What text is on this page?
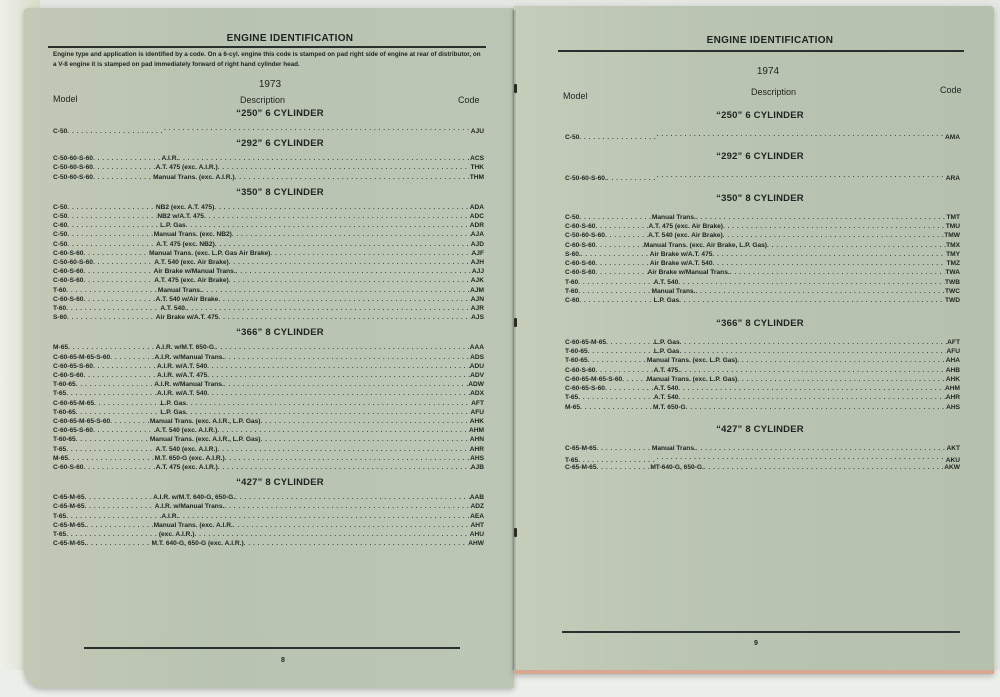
ENGINE IDENTIFICATION
Engine type and application is identified by a code. On a 6-cyl. engine this code is stamped on pad right side of engine at rear of distributor, on a V-8 engine it is stamped on pad immediately forward of right hand cylinder head.
1973
Model	Description	Code
“250” 6 CYLINDER
C-50 . . . . . .	AJU
“292” 6 CYLINDER
C-50-60-S-60 . . .	A.I.R. . . .	ACS
C-50-60-S-60 . . .	A.T. 475 (exc. A.I.R.) . . .	THK
C-50-60-S-60 . . .	Manual Trans. (exc. A.I.R.) . . .	THM
“350” 8 CYLINDER
C-50 . . .	NB2 (exc. A.T. 475) . . .	ADA
C-50 . . .	NB2 w/A.T. 475 . . .	ADC
C-60 . . .	L.P. Gas . . .	ADR
C-50 . . .	Manual Trans. (exc. NB2) . . .	AJA
C-50 . . .	A.T. 475 (exc. NB2) . . .	AJD
C-60-S-60 . . .	Manual Trans. (exc. L.P. Gas Air Brake) . . .	AJF
C-50-60-S-60 . . .	A.T. 540 (exc. Air Brake) . . .	AJH
C-60-S-60 . . .	Air Brake w/Manual Trans. . . .	AJJ
C-60-S-60 . . .	A.T. 475 (exc. Air Brake) . . .	AJK
T-60 . . .	Manual Trans. . . .	AJM
C-60-S-60 . . .	A.T. 540 w/Air Brake . . .	AJN
T-60 . . .	A.T. 540. . . .	AJR
S-60 . . .	Air Brake w/A.T. 475 . . .	AJS
“366” 8 CYLINDER
M-65 . . .	A.I.R. w/M.T. 650-G. . . .	AAA
C-60-65-M-65-S-60 . . .	A.I.R. w/Manual Trans. . . .	ADS
C-60-65-S-60 . . .	A.I.R. w/A.T. 540 . . .	ADU
C-60-S-60 . . .	A.I.R. w/A.T. 475 . . .	ADV
T-60-65 . . .	A.I.R. w/Manual Trans. . . .	ADW
T-65 . . .	A.I.R. w/A.T. 540 . . .	ADX
C-60-65-M-65 . . .	L.P. Gas . . .	AFT
T-60-65 . . .	L.P. Gas . . .	AFU
C-60-65-M-65-S-60 . . .	Manual Trans. (exc. A.I.R., L.P. Gas) . . .	AHK
C-60-65-S-60 . . .	A.T. 540 (exc. A.I.R.) . . .	AHM
T-60-65 . . .	Manual Trans. (exc. A.I.R., L.P. Gas) . . .	AHN
T-65 . . .	A.T. 540 (exc. A.I.R.) . . .	AHR
M-65 . . .	M.T. 650-G (exc. A.I.R.) . . .	AHS
C-60-S-60 . . .	A.T. 475 (exc. A.I.R.) . . .	AJB
“427” 8 CYLINDER
C-65-M-65 . . .	A.I.R. w/M.T. 640-G, 650-G. . . .	AAB
C-65-M-65 . . .	A.I.R. w/Manual Trans. . . .	ADZ
T-65 . . .	A.I.R. . . .	AEA
C-65-M-65. . . .	Manual Trans. (exc. A.I.R. . . .	AHT
T-65 . . .	(exc. A.I.R.) . . .	AHU
C-65-M-65. . . .	M.T. 640-G, 650-G (exc. A.I.R.) . . .	AHW
8
ENGINE IDENTIFICATION
1974
Model	Description	Code
“250” 6 CYLINDER
C-50 . . . . . .	AMA
“292” 6 CYLINDER
C-50-60-S-60. . . . . . .	ARA
“350” 8 CYLINDER
C-50 . . .	Manual Trans. . . .	TMT
C-60-S-60 . . .	A.T. 475 (exc. Air Brake) . . .	TMU
C-50-60-S-60 . . .	A.T. 540 (exc. Air Brake) . . .	TMW
C-60-S-60 . . .	Manual Trans. (exc. Air Brake, L.P. Gas) . . .	TMX
S-60. . . .	Air Brake w/A.T. 475 . . .	TMY
C-60-S-60 . . .	Air Brake w/A.T. 540 . . .	TMZ
C-60-S-60 . . .	Air Brake w/Manual Trans. . . .	TWA
T-60 . . .	A.T. 540 . . .	TWB
T-60 . . .	Manual Trans. . . .	TWC
C-60 . . .	L.P. Gas . . .	TWD
“366” 8 CYLINDER
C-60-65-M-65 . . .	L.P. Gas . . .	AFT
T-60-65 . . .	L.P. Gas . . .	AFU
T-60-65 . . .	Manual Trans. (exc. L.P. Gas) . . .	AHA
C-60-S-60 . . .	A.T. 475. . . .	AHB
C-60-65-M-65-S-60 . . .	Manual Trans. (exc. L.P. Gas) . . .	AHK
C-60-65-S-60 . . .	A.T. 540 . . .	AHM
T-65 . . .	A.T. 540 . . .	AHR
M-65 . . .	M.T. 650-G . . .	AHS
“427” 8 CYLINDER
C-65-M-65 . . .	Manual Trans. . . .	AKT
T-65 . . . . . .	AKU
C-65-M-65 . . .	MT-640-G, 650-G. . . .	AKW
9
